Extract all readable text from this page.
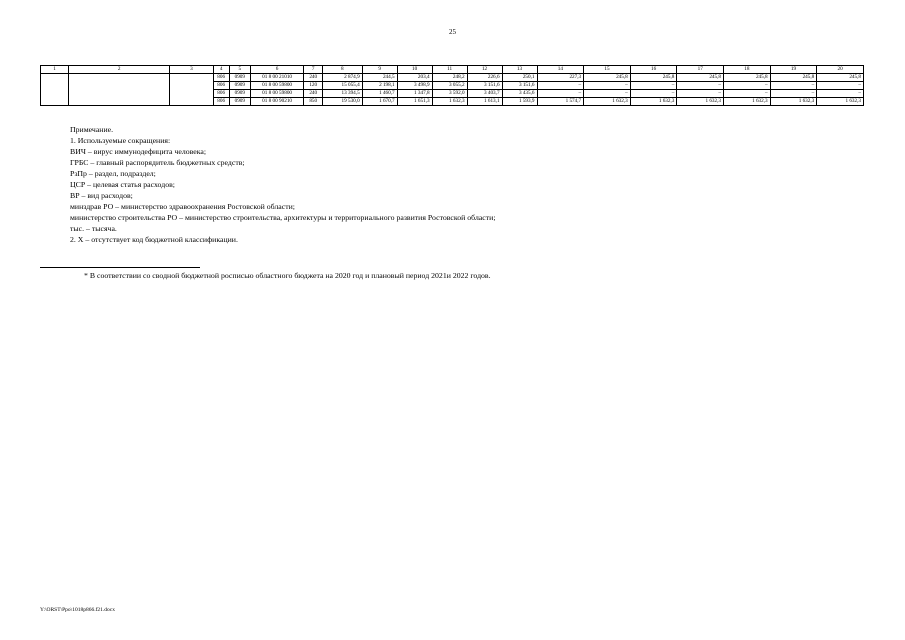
25
1	2	3	4	5	6	7	8	9	10	11	12	13	14	15	16	17	18	19	20
			806	0909	01 8 00 21010	240	2 874,9	244,5	203,4	248,2	226,6	250,1	227,3	245,8	245,8	245,8	245,8	245,8	245,8
			806	0909	01 8 00 59800	120	15 055,4	2 198,1	3 498,9	3 055,2	3 151,6	3 151,6	–	–	–	–	–	–	–
			806	0909	01 8 00 59800	240	13 394,5	1 460,7	1 347,8	3 592,0	3 403,7	3 435,6	–	–	–	–	–	–	–
			806	0909	01 8 00 90210	850	19 530,0	1 670,7	1 651,3	1 632,3	1 613,1	1 593,9	1 574,7	1 632,3	1 632,3	1 632,3	1 632,3	1 632,3	1 632,3
Примечание.
1. Используемые сокращения:
ВИЧ – вирус иммунодефицита человека;
ГРБС – главный распорядитель бюджетных средств;
РзПр – раздел, подраздел;
ЦСР – целевая статья расходов;
ВР – вид расходов;
минздрав РО – министерство здравоохранения Ростовской области;
министерство строительства РО – министерство строительства, архитектуры и территориального развития Ростовской области;
тыс. – тысяча.
2. Х – отсутствует код бюджетной классификации.
* В соответствии со сводной бюджетной росписью областного бюджета на 2020 год и плановый период 2021и 2022 годов.
Y:\ORST\Ppo\1018p866.f21.docx
